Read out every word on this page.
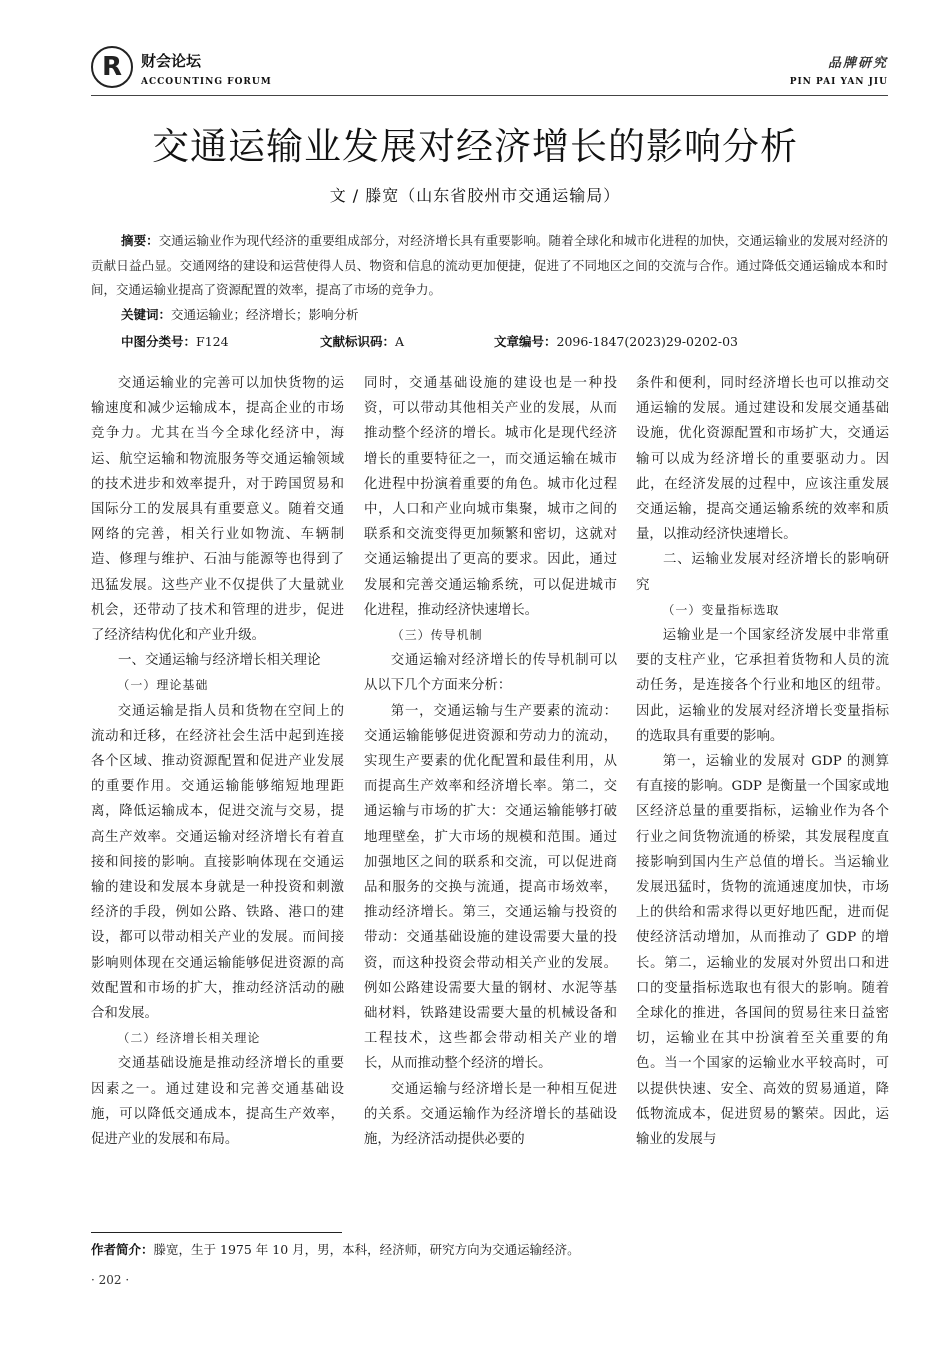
R	财会论坛
ACCOUNTING FORUM
品牌研究
PIN PAI YAN JIU
交通运输业发展对经济增长的影响分析
文 / 滕宽（山东省胶州市交通运输局）
摘要：交通运输业作为现代经济的重要组成部分，对经济增长具有重要影响。随着全球化和城市化进程的加快，交通运输业的发展对经济的贡献日益凸显。交通网络的建设和运营使得人员、物资和信息的流动更加便捷，促进了不同地区之间的交流与合作。通过降低交通运输成本和时间，交通运输业提高了资源配置的效率，提高了市场的竞争力。
关键词：交通运输业；经济增长；影响分析
中图分类号：F124	文献标识码：A	文章编号：2096-1847(2023)29-0202-03

交通运输业的完善可以加快货物的运输速度和减少运输成本，提高企业的市场竞争力。尤其在当今全球化经济中，海运、航空运输和物流服务等交通运输领域的技术进步和效率提升，对于跨国贸易和国际分工的发展具有重要意义。随着交通网络的完善，相关行业如物流、车辆制造、修理与维护、石油与能源等也得到了迅猛发展。这些产业不仅提供了大量就业机会，还带动了技术和管理的进步，促进了经济结构优化和产业升级。

一、交通运输与经济增长相关理论

（一）理论基础

交通运输是指人员和货物在空间上的流动和迁移，在经济社会生活中起到连接各个区域、推动资源配置和促进产业发展的重要作用。交通运输能够缩短地理距离，降低运输成本，促进交流与交易，提高生产效率。交通运输对经济增长有着直接和间接的影响。直接影响体现在交通运输的建设和发展本身就是一种投资和刺激经济的手段，例如公路、铁路、港口的建设，都可以带动相关产业的发展。而间接影响则体现在交通运输能够促进资源的高效配置和市场的扩大，推动经济活动的融合和发展。

（二）经济增长相关理论

交通基础设施是推动经济增长的重要因素之一。通过建设和完善交通基础设施，可以降低交通成本，提高生产效率，促进产业的发展和布局。

同时，交通基础设施的建设也是一种投资，可以带动其他相关产业的发展，从而推动整个经济的增长。城市化是现代经济增长的重要特征之一，而交通运输在城市化进程中扮演着重要的角色。城市化过程中，人口和产业向城市集聚，城市之间的联系和交流变得更加频繁和密切，这就对交通运输提出了更高的要求。因此，通过发展和完善交通运输系统，可以促进城市化进程，推动经济快速增长。

（三）传导机制

交通运输对经济增长的传导机制可以从以下几个方面来分析：

第一，交通运输与生产要素的流动：交通运输能够促进资源和劳动力的流动，实现生产要素的优化配置和最佳利用，从而提高生产效率和经济增长率。第二，交通运输与市场的扩大：交通运输能够打破地理壁垒，扩大市场的规模和范围。通过加强地区之间的联系和交流，可以促进商品和服务的交换与流通，提高市场效率，推动经济增长。第三，交通运输与投资的带动：交通基础设施的建设需要大量的投资，而这种投资会带动相关产业的发展。例如公路建设需要大量的钢材、水泥等基础材料，铁路建设需要大量的机械设备和工程技术，这些都会带动相关产业的增长，从而推动整个经济的增长。

交通运输与经济增长是一种相互促进的关系。交通运输作为经济增长的基础设施，为经济活动提供必要的

条件和便利，同时经济增长也可以推动交通运输的发展。通过建设和发展交通基础设施，优化资源配置和市场扩大，交通运输可以成为经济增长的重要驱动力。因此，在经济发展的过程中，应该注重发展交通运输，提高交通运输系统的效率和质量，以推动经济快速增长。

二、运输业发展对经济增长的影响研究

（一）变量指标选取

运输业是一个国家经济发展中非常重要的支柱产业，它承担着货物和人员的流动任务，是连接各个行业和地区的纽带。因此，运输业的发展对经济增长变量指标的选取具有重要的影响。

第一，运输业的发展对 GDP 的测算有直接的影响。GDP 是衡量一个国家或地区经济总量的重要指标，运输业作为各个行业之间货物流通的桥梁，其发展程度直接影响到国内生产总值的增长。当运输业发展迅猛时，货物的流通速度加快，市场上的供给和需求得以更好地匹配，进而促使经济活动增加，从而推动了 GDP 的增长。第二，运输业的发展对外贸出口和进口的变量指标选取也有很大的影响。随着全球化的推进，各国间的贸易往来日益密切，运输业在其中扮演着至关重要的角色。当一个国家的运输业水平较高时，可以提供快速、安全、高效的贸易通道，降低物流成本，促进贸易的繁荣。因此，运输业的发展与

作者简介：滕宽，生于 1975 年 10 月，男，本科，经济师，研究方向为交通运输经济。
· 202 ·
